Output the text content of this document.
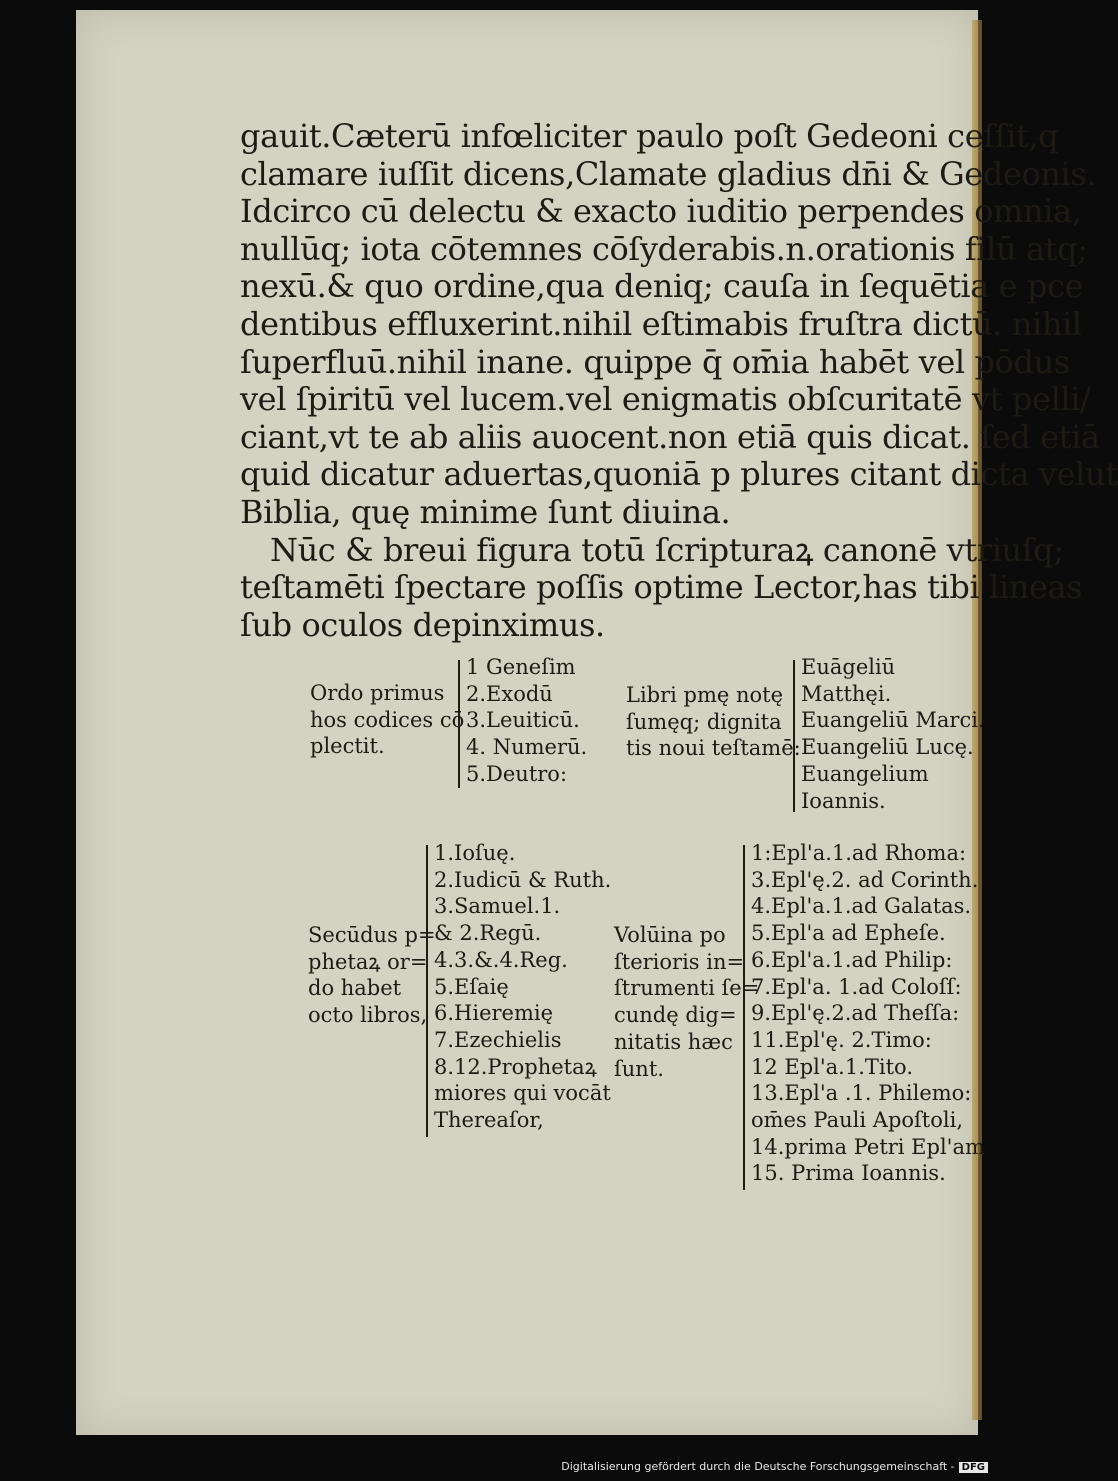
gauit.Cæterū infœliciter paulo poſt Gedeoni ceſſit,q
clamare iuſſit dicens,Clamate gladius dn̄i & Gedeonis.
Idcirco cū delectu & exacto iuditio perpendes omnia,
nullūq; iota cōtemnes cōſyderabis.n.orationis filū atq;
nexū.& quo ordine,qua deniq; cauſa in ſequētia e pce
dentibus effluxerint.nihil eſtimabis fruſtra dictū. nihil
ſuperfluū.nihil inane. quippe q̄ om̄ia habēt vel pōdus
vel ſpiritū vel lucem.vel enigmatis obſcuritatē vt pelli/
ciant,vt te ab aliis auocent.non etiā quis dicat. ſed etiā
quid dicatur aduertas,quoniā p plures citant dicta velut
Biblia, quę minime ſunt diuina.
Nūc & breui figura totū ſcripturaꝝ canonē vtriuſq;
teſtamēti ſpectare poſſis optime Lector,has tibi lineas
ſub oculos depinximus.
Ordo primus
hos codices cō
plectit.
1 Geneſim
2.Exodū
3.Leuiticū.
4. Numerū.
5.Deutro:
Libri pmę notę
ſumęq; dignita
tis noui teſtamē:
Euāgeliū
Matthęi.
Euangeliū Marci.
Euangeliū Lucę.
Euangelium
Ioannis.
Secūdus p=
phetaꝝ or=
do habet
octo libros,
1.Ioſuę.
2.Iudicū & Ruth.
3.Samuel.1.
& 2.Regū.
4.3.&.4.Reg.
5.Eſaię
6.Hieremię
7.Ezechielis
8.12.Prophetaꝝ
miores qui vocāt
Thereaſor,
Volūina po
ſterioris in=
ſtrumenti ſe=
cundę dig=
nitatis hæc
ſunt.
1:Epl'a.1.ad Rhoma:
3.Epl'ę.2. ad Corinth.
4.Epl'a.1.ad Galatas.
5.Epl'a ad Epheſe.
6.Epl'a.1.ad Philip:
7.Epl'a. 1.ad Coloſſ:
9.Epl'ę.2.ad Theſſa:
11.Epl'ę. 2.Timo:
12 Epl'a.1.Tito.
13.Epl'a .1. Philemo:
om̄es Pauli Apoſtoli,
14.prima Petri Epl'am
15. Prima Ioannis.
Digitalisierung gefördert durch die Deutsche Forschungsgemeinschaft - DFG
